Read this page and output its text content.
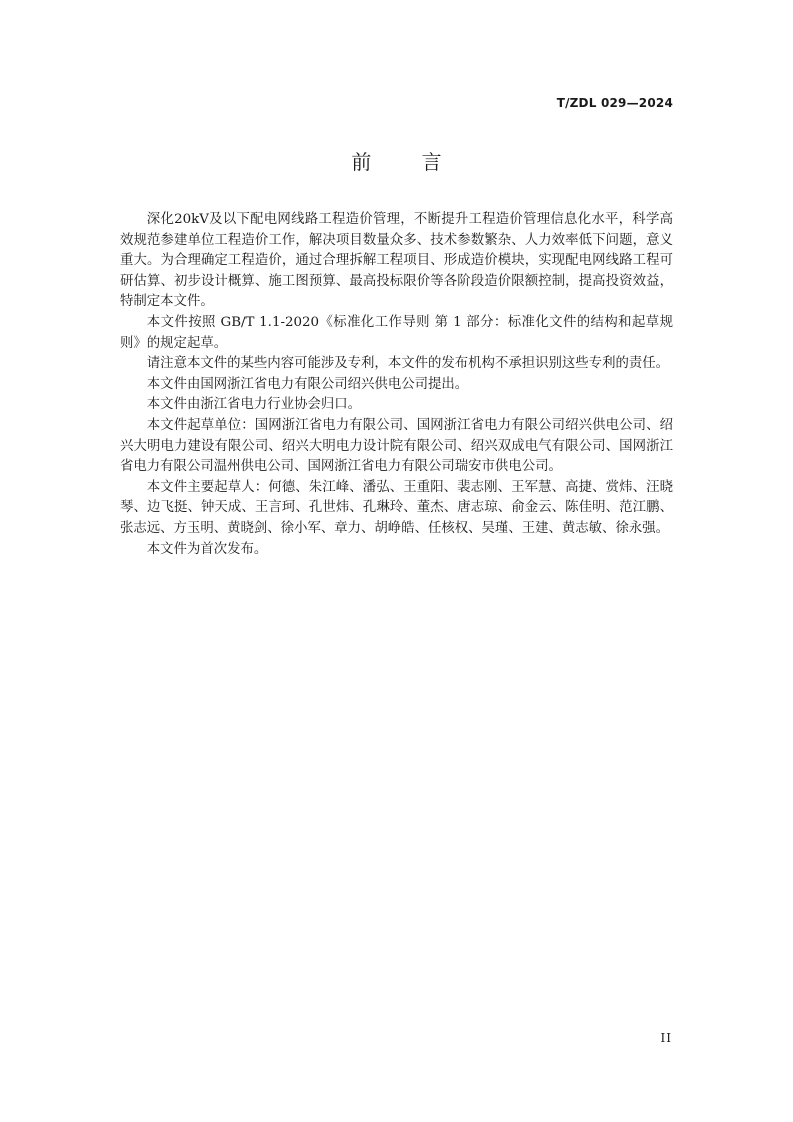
T/ZDL 029—2024
前 言

深化20kV及以下配电网线路工程造价管理，不断提升工程造价管理信息化水平，科学高效规范参建单位工程造价工作，解决项目数量众多、技术参数繁杂、人力效率低下问题，意义重大。为合理确定工程造价，通过合理拆解工程项目、形成造价模块，实现配电网线路工程可研估算、初步设计概算、施工图预算、最高投标限价等各阶段造价限额控制，提高投资效益，特制定本文件。

本文件按照 GB/T 1.1-2020《标准化工作导则 第 1 部分：标准化文件的结构和起草规则》的规定起草。

请注意本文件的某些内容可能涉及专利，本文件的发布机构不承担识别这些专利的责任。

本文件由国网浙江省电力有限公司绍兴供电公司提出。

本文件由浙江省电力行业协会归口。

本文件起草单位：国网浙江省电力有限公司、国网浙江省电力有限公司绍兴供电公司、绍兴大明电力建设有限公司、绍兴大明电力设计院有限公司、绍兴双成电气有限公司、国网浙江省电力有限公司温州供电公司、国网浙江省电力有限公司瑞安市供电公司。

本文件主要起草人：何德、朱江峰、潘弘、王重阳、裴志刚、王军慧、高捷、赏炜、汪晓琴、边飞挺、钟天成、王言珂、孔世炜、孔琳玲、董杰、唐志琼、俞金云、陈佳明、范江鹏、张志远、方玉明、黄晓剑、徐小军、章力、胡峥皓、任核权、吴瑾、王建、黄志敏、徐永强。

本文件为首次发布。

II
